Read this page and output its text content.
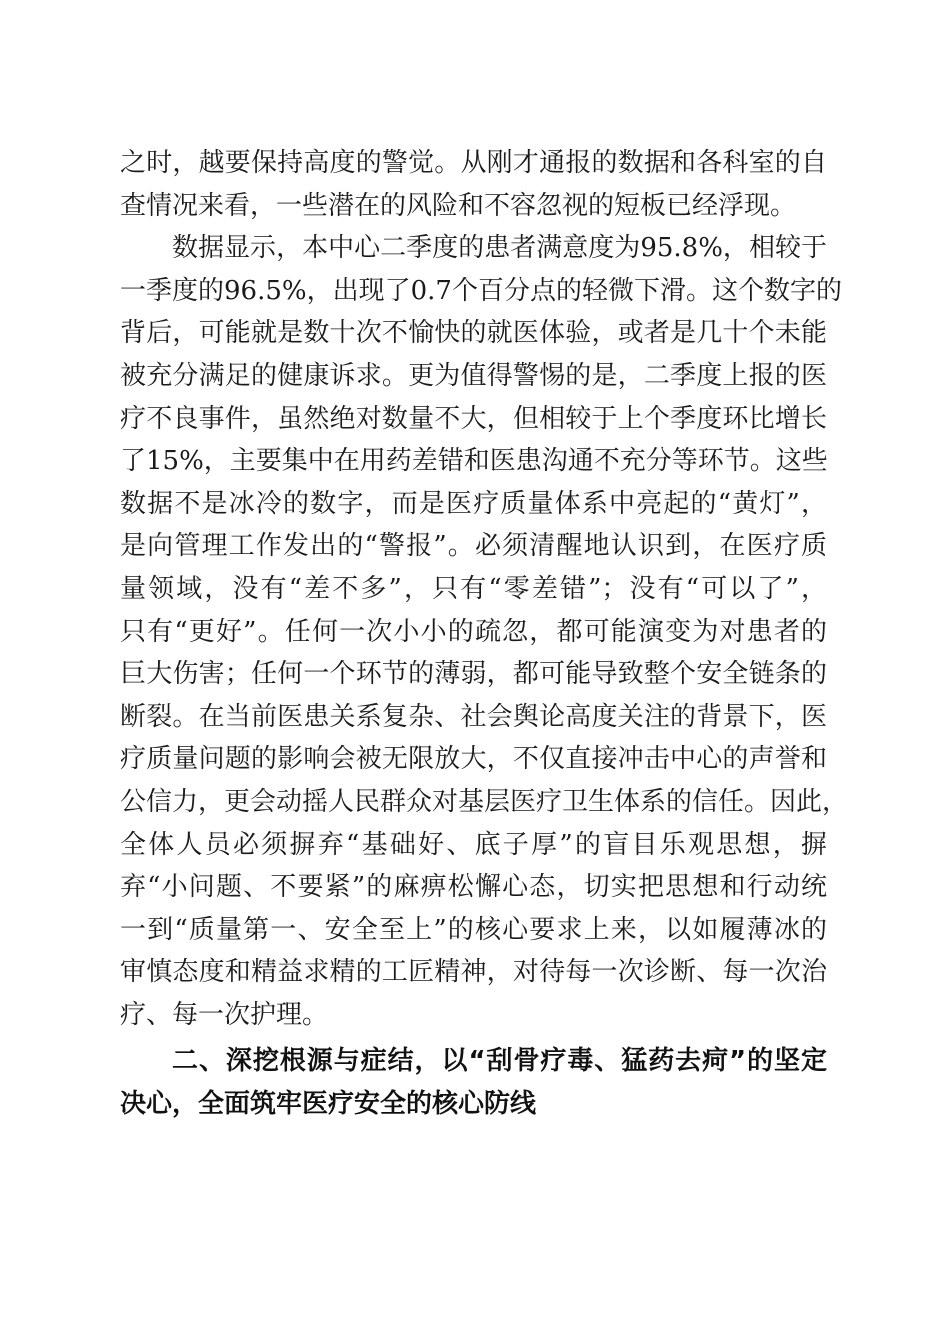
之时，越要保持高度的警觉。从刚才通报的数据和各科室的自
查情况来看，一些潜在的风险和不容忽视的短板已经浮现。
数据显示，本中心二季度的患者满意度为95.8%，相较于
一季度的96.5%，出现了0.7个百分点的轻微下滑。这个数字的
背后，可能就是数十次不愉快的就医体验，或者是几十个未能
被充分满足的健康诉求。更为值得警惕的是，二季度上报的医
疗不良事件，虽然绝对数量不大，但相较于上个季度环比增长
了15%，主要集中在用药差错和医患沟通不充分等环节。这些
数据不是冰冷的数字，而是医疗质量体系中亮起的“黄灯”，
是向管理工作发出的“警报”。必须清醒地认识到，在医疗质
量领域，没有“差不多”，只有“零差错”；没有“可以了”，
只有“更好”。任何一次小小的疏忽，都可能演变为对患者的
巨大伤害；任何一个环节的薄弱，都可能导致整个安全链条的
断裂。在当前医患关系复杂、社会舆论高度关注的背景下，医
疗质量问题的影响会被无限放大，不仅直接冲击中心的声誉和
公信力，更会动摇人民群众对基层医疗卫生体系的信任。因此，
全体人员必须摒弃“基础好、底子厚”的盲目乐观思想，摒
弃“小问题、不要紧”的麻痹松懈心态，切实把思想和行动统
一到“质量第一、安全至上”的核心要求上来，以如履薄冰的
审慎态度和精益求精的工匠精神，对待每一次诊断、每一次治
疗、每一次护理。
二、深挖根源与症结，以“刮骨疗毒、猛药去疴”的坚定
决心，全面筑牢医疗安全的核心防线
